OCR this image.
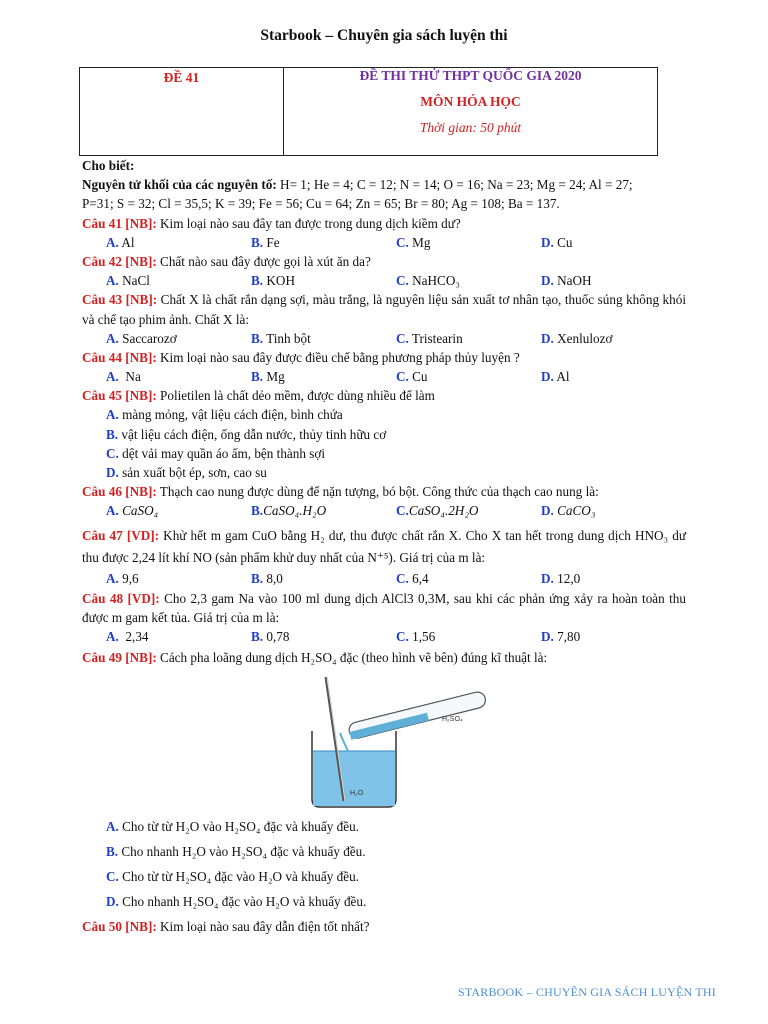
Starbook – Chuyên gia sách luyện thi
ĐỀ 41	ĐỀ THI THỬ THPT QUỐC GIA 2020
MÔN HÓA HỌC
Thời gian: 50 phút
Cho biết:
Nguyên tử khối của các nguyên tố: H= 1; He = 4; C = 12; N = 14; O = 16; Na = 23; Mg = 24; Al = 27;
P=31; S = 32; Cl = 35,5; K = 39; Fe = 56; Cu = 64; Zn = 65; Br = 80; Ag = 108; Ba = 137.
Câu 41 [NB]: Kim loại nào sau đây tan được trong dung dịch kiềm dư?
A. Al	B. Fe	C. Mg	D. Cu
Câu 42 [NB]: Chất nào sau đây được gọi là xút ăn da?
A. NaCl	B. KOH	C. NaHCO₃	D. NaOH
Câu 43 [NB]: Chất X là chất rắn dạng sợi, màu trắng, là nguyên liệu sản xuất tơ nhân tạo, thuốc súng không khói và chế tạo phim ảnh. Chất X là:
A. Saccarozơ	B. Tinh bột	C. Tristearin	D. Xenlulozơ
Câu 44 [NB]: Kim loại nào sau đây được điều chế bằng phương pháp thủy luyện ?
A.  Na	B. Mg	C. Cu	D. Al
Câu 45 [NB]: Polietilen là chất dẻo mềm, được dùng nhiều để làm
A. màng mỏng, vật liệu cách điện, bình chứa
B. vật liệu cách điện, ống dẫn nước, thủy tinh hữu cơ
C. dệt vải may quần áo ấm, bện thành sợi
D. sản xuất bột ép, sơn, cao su
Câu 46 [NB]: Thạch cao nung được dùng để nặn tượng, bó bột. Công thức của thạch cao nung là:
A. CaSO₄	B.CaSO₄.H₂O	C.CaSO₄.2H₂O	D. CaCO₃
Câu 47 [VD]: Khử hết m gam CuO bằng H₂ dư, thu được chất rắn X. Cho X tan hết trong dung dịch HNO₃ dư thu được 2,24 lít khí NO (sản phẩm khử duy nhất của N⁺⁵). Giá trị của m là:
A. 9,6	B. 8,0	C. 6,4	D. 12,0
Câu 48 [VD]: Cho 2,3 gam Na vào 100 ml dung dịch AlCl3 0,3M, sau khi các phản ứng xảy ra hoàn toàn thu được m gam kết tủa. Giá trị của m là:
A.  2,34	B. 0,78	C. 1,56	D. 7,80
Câu 49 [NB]: Cách pha loãng dung dịch H₂SO₄ đặc (theo hình vẽ bên) đúng kĩ thuật là:
H₂SO₄
H₂O
A. Cho từ từ H₂O vào H₂SO₄ đặc và khuấy đều.
B. Cho nhanh H₂O vào H₂SO₄ đặc và khuấy đều.
C. Cho từ từ H₂SO₄ đặc vào H₂O và khuấy đều.
D. Cho nhanh H₂SO₄ đặc vào H₂O và khuấy đều.
Câu 50 [NB]: Kim loại nào sau đây dẫn điện tốt nhất?
STARBOOK – CHUYÊN GIA SÁCH LUYỆN THI
